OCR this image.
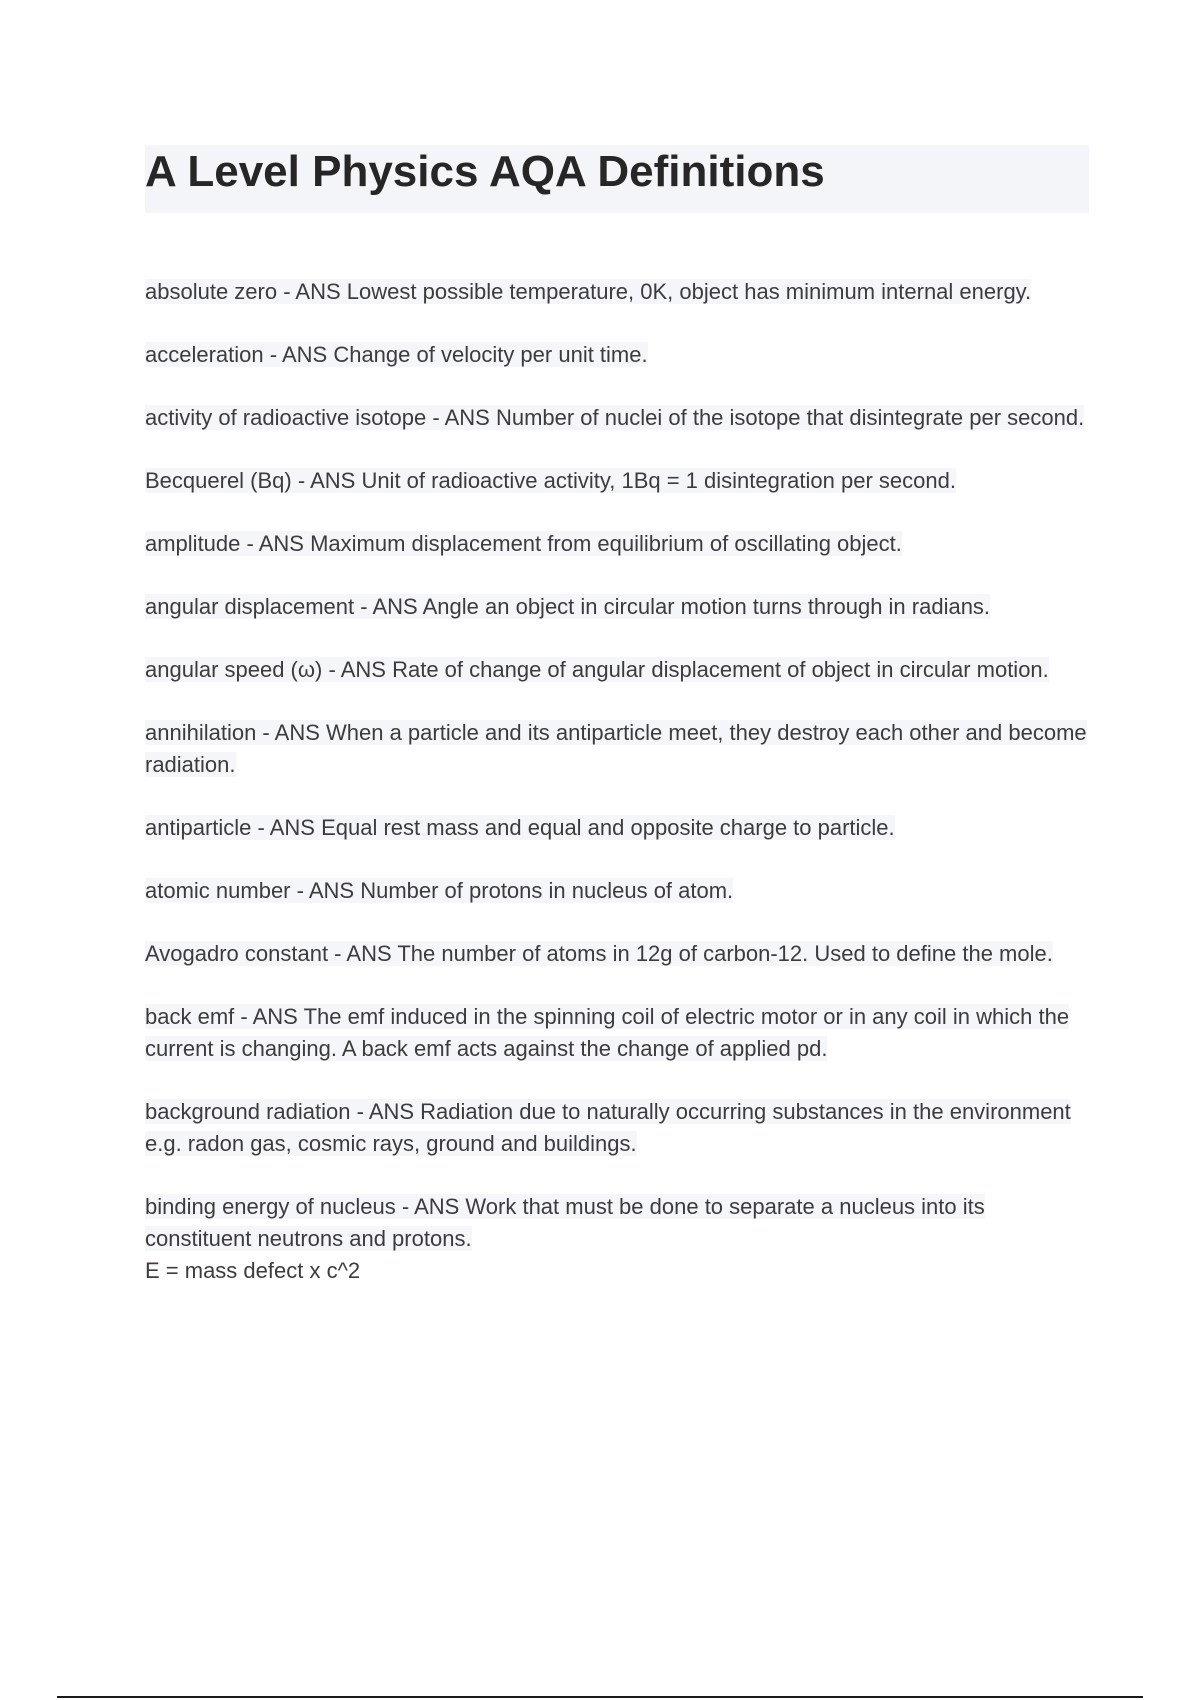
A Level Physics AQA Definitions

absolute zero - ANS Lowest possible temperature, 0K, object has minimum internal energy.

acceleration - ANS Change of velocity per unit time.

activity of radioactive isotope - ANS Number of nuclei of the isotope that disintegrate per second.

Becquerel (Bq) - ANS Unit of radioactive activity, 1Bq = 1 disintegration per second.

amplitude - ANS Maximum displacement from equilibrium of oscillating object.

angular displacement - ANS Angle an object in circular motion turns through in radians.

angular speed (ω) - ANS Rate of change of angular displacement of object in circular motion.

annihilation - ANS When a particle and its antiparticle meet, they destroy each other and become radiation.

antiparticle - ANS Equal rest mass and equal and opposite charge to particle.

atomic number - ANS Number of protons in nucleus of atom.

Avogadro constant - ANS The number of atoms in 12g of carbon-12. Used to define the mole.

back emf - ANS The emf induced in the spinning coil of electric motor or in any coil in which the current is changing. A back emf acts against the change of applied pd.

background radiation - ANS Radiation due to naturally occurring substances in the environment e.g. radon gas, cosmic rays, ground and buildings.

binding energy of nucleus - ANS Work that must be done to separate a nucleus into its constituent neutrons and protons.
E = mass defect x c^2
